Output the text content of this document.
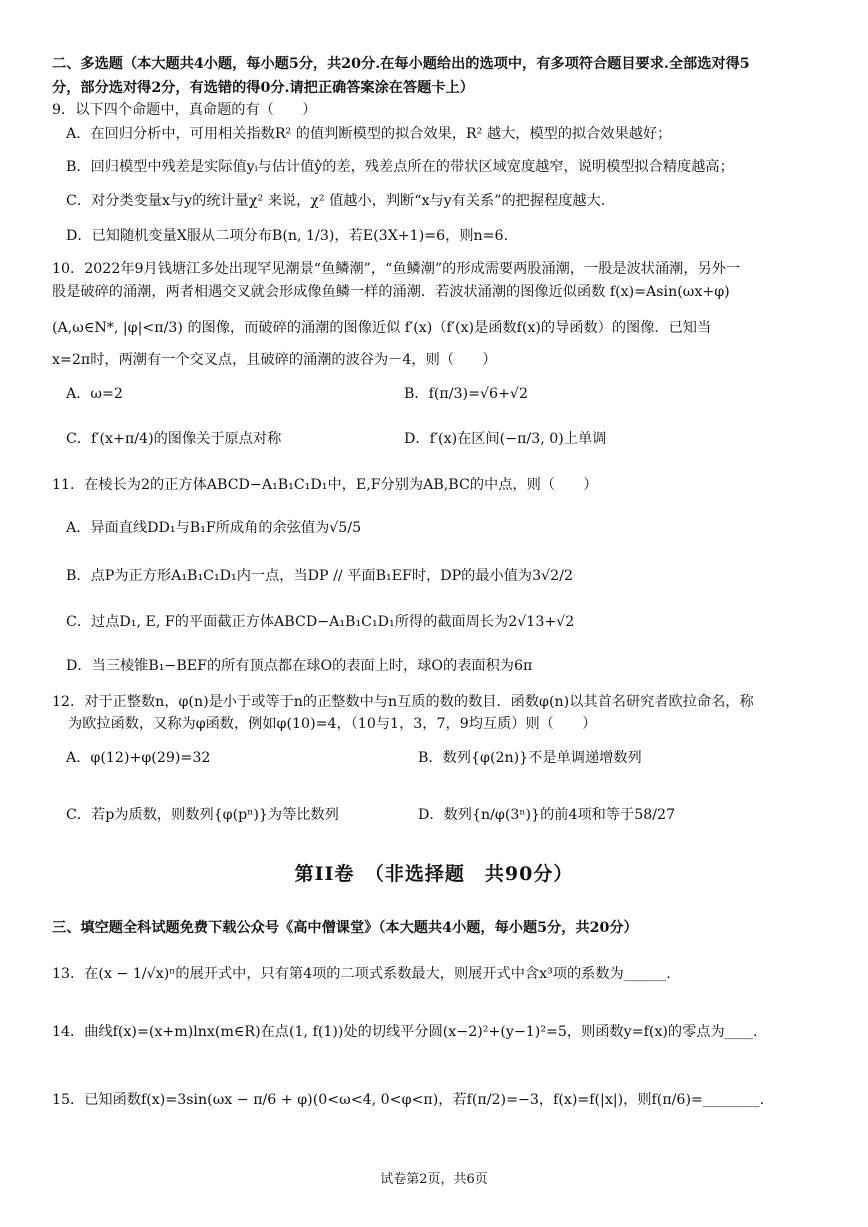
二、多选题（本大题共4小题，每小题5分，共20分.在每小题给出的选项中，有多项符合题目要求.全部选对得5
分，部分选对得2分，有选错的得0分.请把正确答案涂在答题卡上）
9．以下四个命题中，真命题的有（　　）
A．在回归分析中，可用相关指数R² 的值判断模型的拟合效果，R² 越大，模型的拟合效果越好；
B．回归模型中残差是实际值yᵢ与估计值ŷ的差，残差点所在的带状区域宽度越窄，说明模型拟合精度越高；
C．对分类变量x与y的统计量χ² 来说，χ² 值越小，判断“x与y有关系”的把握程度越大.
D．已知随机变量X服从二项分布B(n, 1/3)，若E(3X+1)=6，则n=6.
10．2022年9月钱塘江多处出现罕见潮景“鱼鳞潮”，“鱼鳞潮”的形成需要两股涌潮，一股是波状涌潮，另外一
股是破碎的涌潮，两者相遇交叉就会形成像鱼鳞一样的涌潮．若波状涌潮的图像近似函数 f(x)=Asin(ωx+φ)
(A,ω∈N*, |φ|<π/3) 的图像，而破碎的涌潮的图像近似 f′(x)（f′(x)是函数f(x)的导函数）的图像．已知当
x=2π时，两潮有一个交叉点，且破碎的涌潮的波谷为－4，则（　　）
A．ω=2	B．f(π/3)=√6+√2
C．f′(x+π/4)的图像关于原点对称	D．f′(x)在区间(−π/3, 0)上单调
11．在棱长为2的正方体ABCD−A₁B₁C₁D₁中，E,F分别为AB,BC的中点，则（　　）
A．异面直线DD₁与B₁F所成角的余弦值为√5/5
B．点P为正方形A₁B₁C₁D₁内一点，当DP // 平面B₁EF时，DP的最小值为3√2/2
C．过点D₁, E, F的平面截正方体ABCD−A₁B₁C₁D₁所得的截面周长为2√13+√2
D．当三棱锥B₁−BEF的所有顶点都在球O的表面上时，球O的表面积为6π
12．对于正整数n，φ(n)是小于或等于n的正整数中与n互质的数的数目．函数φ(n)以其首名研究者欧拉命名，称
为欧拉函数，又称为φ函数，例如φ(10)=4，（10与1，3，7，9均互质）则（　　）
A．φ(12)+φ(29)=32	B．数列{φ(2n)}不是单调递增数列
C．若p为质数，则数列{φ(pⁿ)}为等比数列	D．数列{n/φ(3ⁿ)}的前4项和等于58/27
第II卷　（非选择题　共90分）
三、填空题全科试题免费下载公众号《高中僧课堂》（本大题共4小题，每小题5分，共20分）
13．在(x − 1/√x)ⁿ的展开式中，只有第4项的二项式系数最大，则展开式中含x³项的系数为______.
14．曲线f(x)=(x+m)lnx(m∈R)在点(1, f(1))处的切线平分圆(x−2)²+(y−1)²=5，则函数y=f(x)的零点为____.
15．已知函数f(x)=3sin(ωx − π/6 + φ)(0<ω<4, 0<φ<π)，若f(π/2)=−3，f(x)=f(|x|)，则f(π/6)=________.
试卷第2页，共6页
